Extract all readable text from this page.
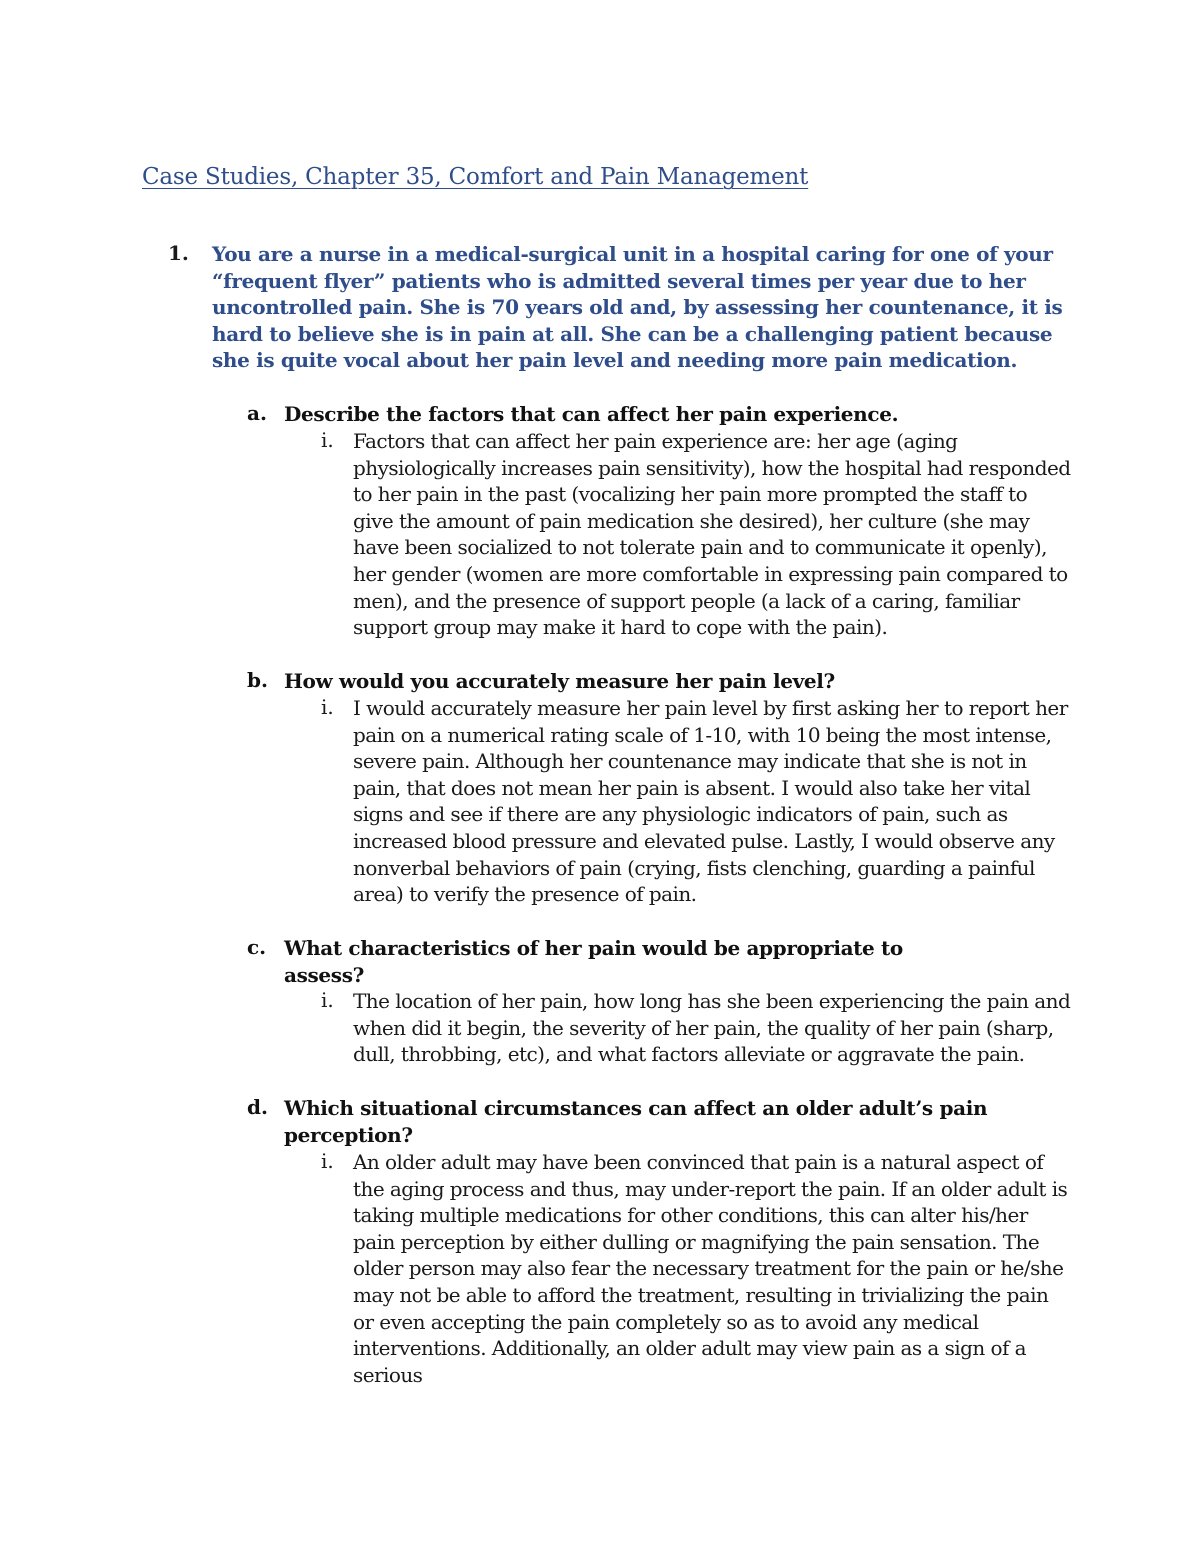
Case Studies, Chapter 35, Comfort and Pain Management
1. You are a nurse in a medical-surgical unit in a hospital caring for one of your “frequent flyer” patients who is admitted several times per year due to her uncontrolled pain. She is 70 years old and, by assessing her countenance, it is hard to believe she is in pain at all. She can be a challenging patient because she is quite vocal about her pain level and needing more pain medication.
a. Describe the factors that can affect her pain experience.
i. Factors that can affect her pain experience are: her age (aging physiologically increases pain sensitivity), how the hospital had responded to her pain in the past (vocalizing her pain more prompted the staff to give the amount of pain medication she desired), her culture (she may have been socialized to not tolerate pain and to communicate it openly), her gender (women are more comfortable in expressing pain compared to men), and the presence of support people (a lack of a caring, familiar support group may make it hard to cope with the pain).
b. How would you accurately measure her pain level?
i. I would accurately measure her pain level by first asking her to report her pain on a numerical rating scale of 1-10, with 10 being the most intense, severe pain. Although her countenance may indicate that she is not in pain, that does not mean her pain is absent. I would also take her vital signs and see if there are any physiologic indicators of pain, such as increased blood pressure and elevated pulse. Lastly, I would observe any nonverbal behaviors of pain (crying, fists clenching, guarding a painful area) to verify the presence of pain.
c. What characteristics of her pain would be appropriate to assess?
i. The location of her pain, how long has she been experiencing the pain and when did it begin, the severity of her pain, the quality of her pain (sharp, dull, throbbing, etc), and what factors alleviate or aggravate the pain.
d. Which situational circumstances can affect an older adult’s pain perception?
i. An older adult may have been convinced that pain is a natural aspect of the aging process and thus, may under-report the pain. If an older adult is taking multiple medications for other conditions, this can alter his/her pain perception by either dulling or magnifying the pain sensation. The older person may also fear the necessary treatment for the pain or he/she may not be able to afford the treatment, resulting in trivializing the pain or even accepting the pain completely so as to avoid any medical interventions. Additionally, an older adult may view pain as a sign of a serious
